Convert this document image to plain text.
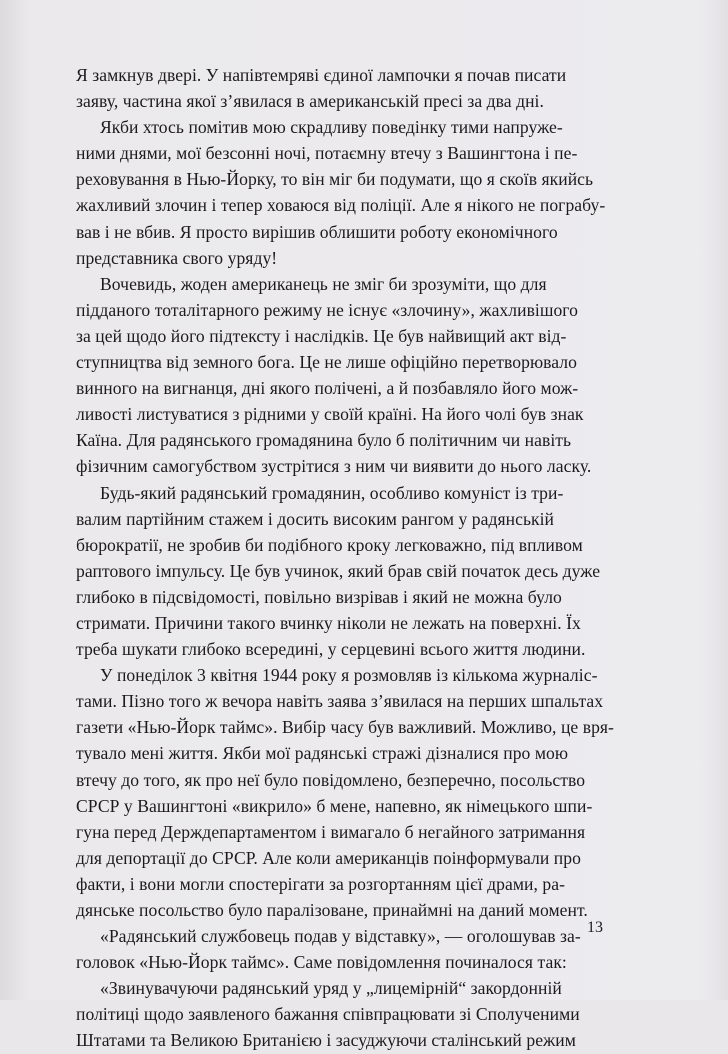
Я замкнув двері. У напівтемряві єдиної лампочки я почав писати
заяву, частина якої з’явилася в американській пресі за два дні.
Якби хтось помітив мою скрадливу поведінку тими напруже-
ними днями, мої безсонні ночі, потаємну втечу з Вашингтона і пе-
реховування в Нью-Йорку, то він міг би подумати, що я скоїв якийсь
жахливий злочин і тепер ховаюся від поліції. Але я нікого не пограбу-
вав і не вбив. Я просто вирішив облишити роботу економічного
представника свого уряду!
Вочевидь, жоден американець не зміг би зрозуміти, що для
підданого тоталітарного режиму не існує «злочину», жахливішого
за цей щодо його підтексту і наслідків. Це був найвищий акт від-
ступництва від земного бога. Це не лише офіційно перетворювало
винного на вигнанця, дні якого полічені, а й позбавляло його мож-
ливості листуватися з рідними у своїй країні. На його чолі був знак
Каїна. Для радянського громадянина було б політичним чи навіть
фізичним самогубством зустрітися з ним чи виявити до нього ласку.
Будь-який радянський громадянин, особливо комуніст із три-
валим партійним стажем і досить високим рангом у радянській
бюрократії, не зробив би подібного кроку легковажно, під впливом
раптового імпульсу. Це був учинок, який брав свій початок десь дуже
глибоко в підсвідомості, повільно визрівав і який не можна було
стримати. Причини такого вчинку ніколи не лежать на поверхні. Їх
треба шукати глибоко всередині, у серцевині всього життя людини.
У понеділок 3 квітня 1944 року я розмовляв із кількома журналіс-
тами. Пізно того ж вечора навіть заява з’явилася на перших шпальтах
газети «Нью-Йорк таймс». Вибір часу був важливий. Можливо, це вря-
тувало мені життя. Якби мої радянські стражі дізналися про мою
втечу до того, як про неї було повідомлено, безперечно, посольство
СРСР у Вашингтоні «викрило» б мене, напевно, як німецького шпи-
гуна перед Держдепартаментом і вимагало б негайного затримання
для депортації до СРСР. Але коли американців поінформували про
факти, і вони могли спостерігати за розгортанням цієї драми, ра-
дянське посольство було паралізоване, принаймні на даний момент.
«Радянський службовець подав у відставку», — оголошував за-
головок «Нью-Йорк таймс». Саме повідомлення починалося так:
«Звинувачуючи радянський уряд у „лицемірній“ закордонній
політиці щодо заявленого бажання співпрацювати зі Сполученими
Штатами та Великою Британією і засуджуючи сталінський режим
13
